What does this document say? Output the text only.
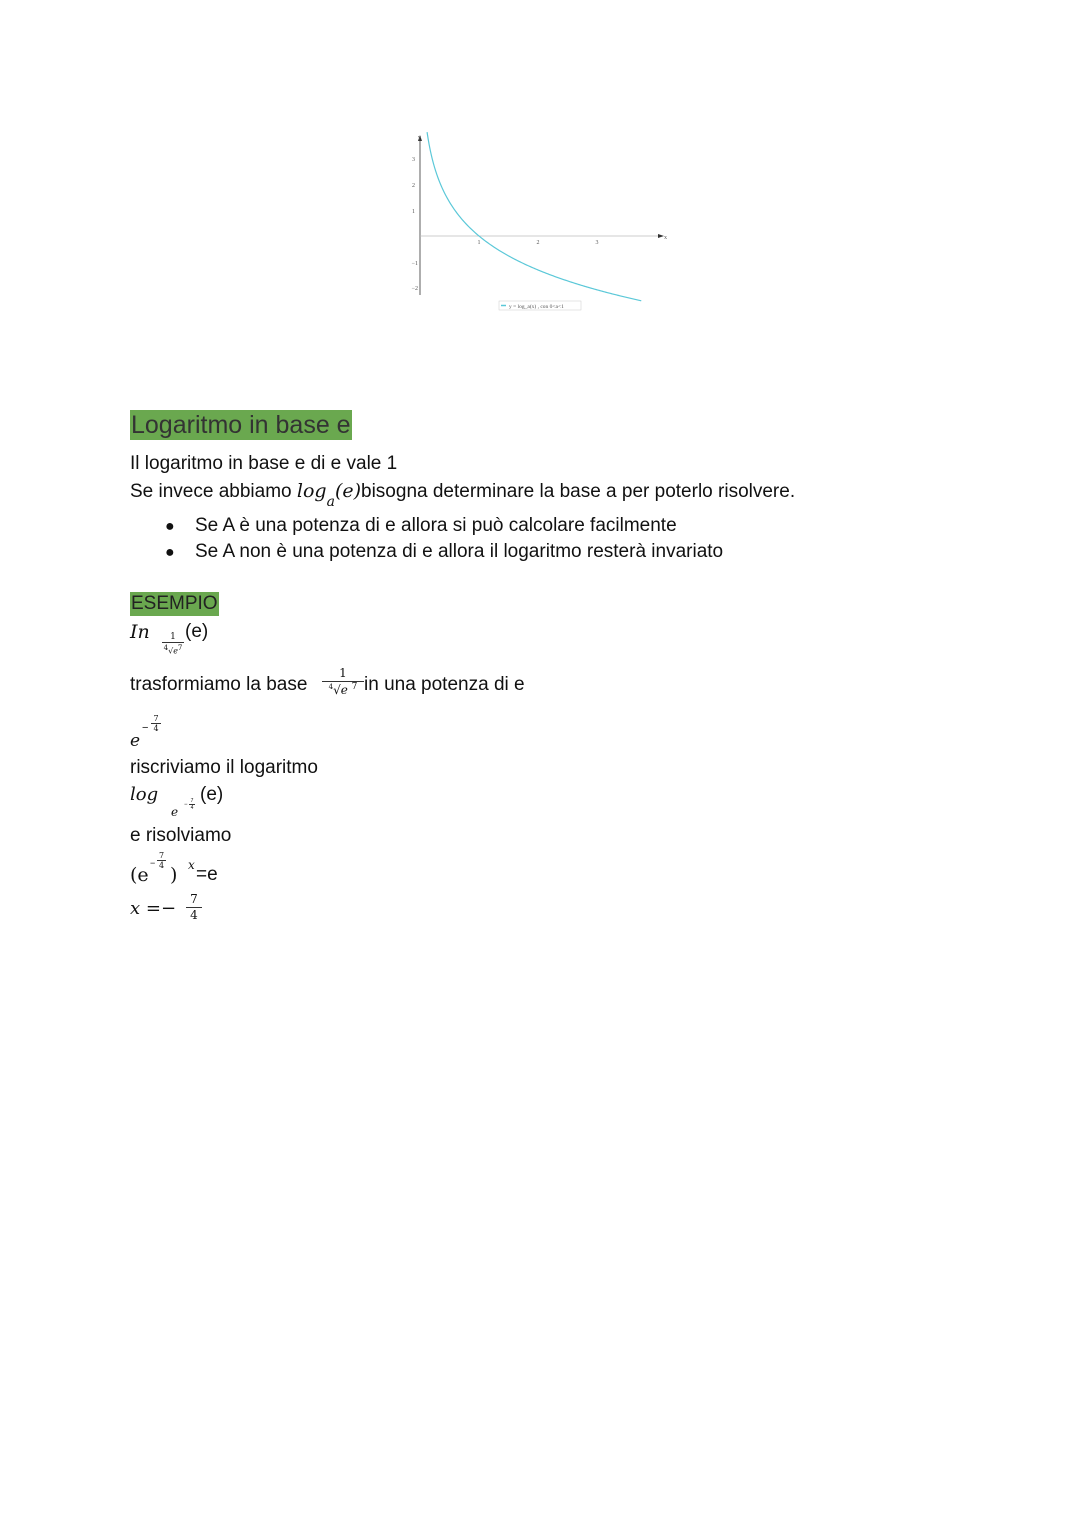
y
x
3
2
1
−1
−2
1	2	3
y = log_a(x) , con 0<a<1
Logaritmo in base e
Il logaritmo in base e di e vale 1
Se invece abbiamo $\log_a(e)bisogna$ determinare la base a per poterlo risolvere.
● Se A è una potenza di e allora si può calcolare facilmente
● Se A non è una potenza di e allora il logaritmo resterà invariato
ESEMPIO
In $\frac{1}{^4√e^7}$
(e)
trasformiamo la base $\frac{1}{^4√e ^7}$ in una potenza di e
e
− $\frac{7}{4}$
riscriviamo il logaritmo
log
$e - \frac{7}{4} (e)$
e risolviamo
(e
− $\frac{7}{4}$
) x =e
$x =- \frac{7}{4}$
